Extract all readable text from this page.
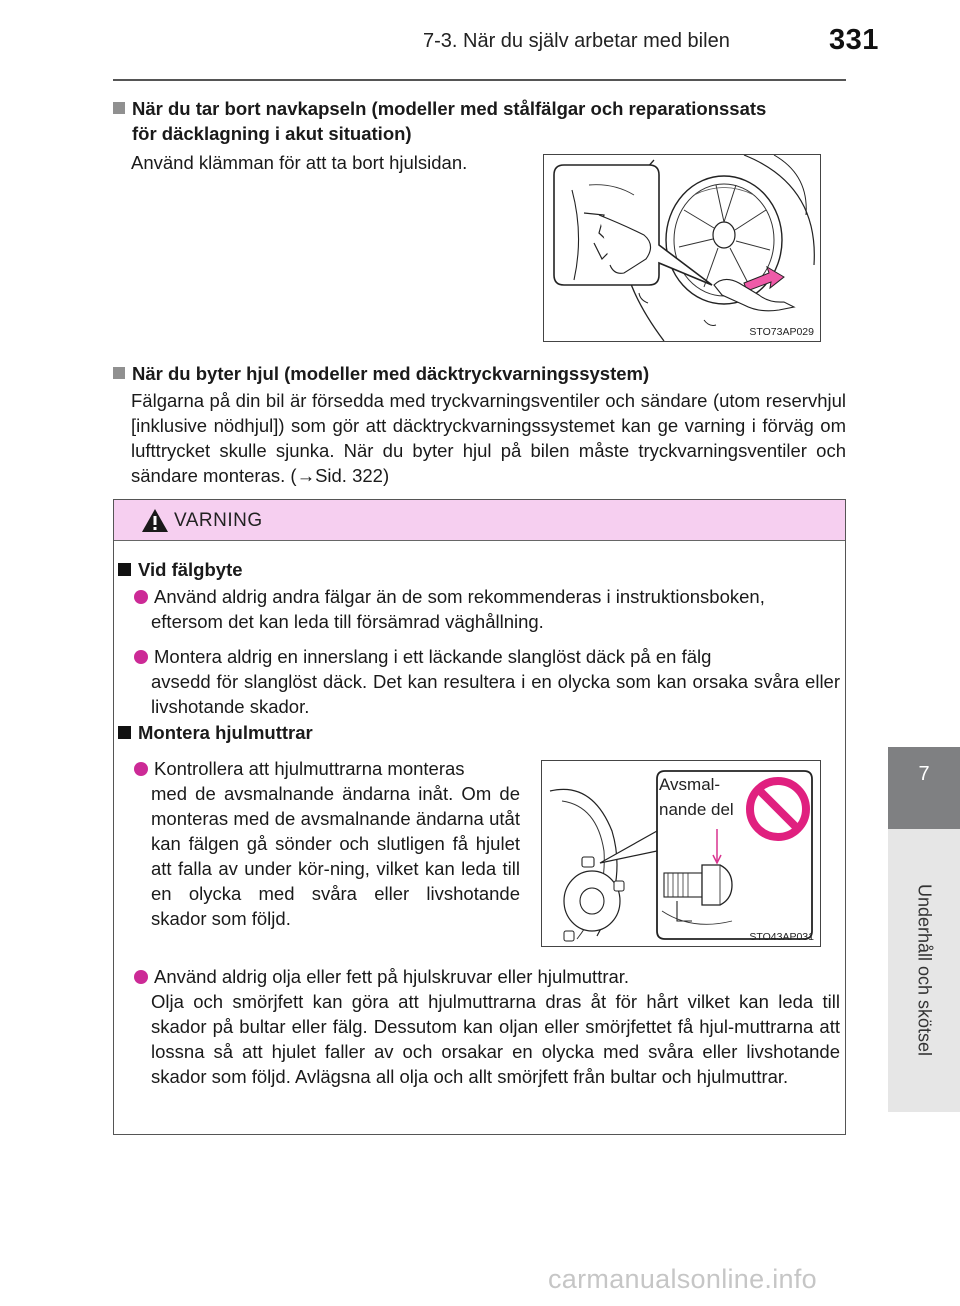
7-3. När du själv arbetar med bilen	331
7
Underhåll och skötsel
När du tar bort navkapseln (modeller med stålfälgar och reparationssats
för däcklagning i akut situation)
Använd klämman för att ta bort hjulsidan.
STO73AP029
När du byter hjul (modeller med däcktryckvarningssystem)
Fälgarna på din bil är försedda med tryckvarningsventiler och sändare (utom reservhjul [inklusive nödhjul]) som gör att däcktryckvarningssystemet kan ge varning i förväg om lufttrycket skulle sjunka. När du byter hjul på bilen måste tryckvarningsventiler och sändare monteras. (→Sid. 322)
VARNING
Vid fälgbyte
Använd aldrig andra fälgar än de som rekommenderas i instruktionsboken,
eftersom det kan leda till försämrad väghållning.
Montera aldrig en innerslang i ett läckande slanglöst däck på en fälg
avsedd för slanglöst däck. Det kan resultera i en olycka som kan orsaka svåra eller livshotande skador.
Montera hjulmuttrar
Kontrollera att hjulmuttrarna monteras
med de avsmalnande ändarna inåt. Om de monteras med de avsmalnande ändarna utåt kan fälgen gå sönder och slutligen få hjulet att falla av under kör-ning, vilket kan leda till en olycka med svåra eller livshotande skador som följd.
Använd aldrig olja eller fett på hjulskruvar eller hjulmuttrar.
Olja och smörjfett kan göra att hjulmuttrarna dras åt för hårt vilket kan leda till skador på bultar eller fälg. Dessutom kan oljan eller smörjfettet få hjul-muttrarna att lossna så att hjulet faller av och orsakar en olycka med svåra eller livshotande skador som följd. Avlägsna all olja och allt smörjfett från bultar och hjulmuttrar.
Avsmal-
nande del
STO43AP031
carmanualsonline.info
